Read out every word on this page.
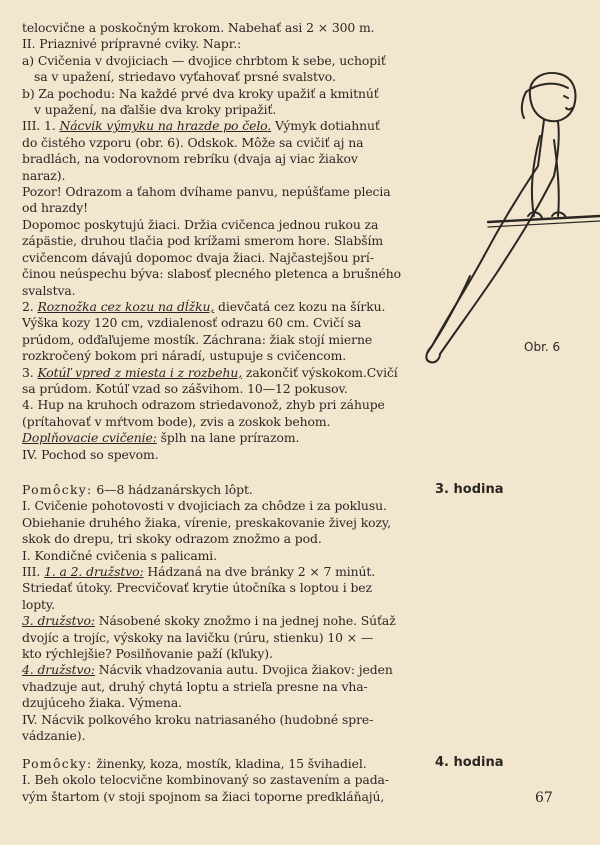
telocvične a poskočným krokom. Nabehať asi 2 × 300 m.

II. Priaznivé prípravné cviky. Napr.:

a) Cvičenia v dvojiciach — dvojice chrbtom k sebe, uchopiť

sa v upažení, striedavo vyťahovať prsné svalstvo.

b) Za pochodu: Na každé prvé dva kroky upažiť a kmitnúť

v upažení, na ďalšie dva kroky pripažiť.

III. 1. Nácvik výmyku na hrazde po čelo. Výmyk dotiahnuť

do čistého vzporu (obr. 6). Odskok. Môže sa cvičiť aj na

bradlách, na vodorovnom rebríku (dvaja aj viac žiakov

naraz).

Pozor! Odrazom a ťahom dvíhame panvu, nepúšťame plecia

od hrazdy!

Dopomoc poskytujú žiaci. Držia cvičenca jednou rukou za

zápästie, druhou tlačia pod krížami smerom hore. Slabším

cvičencom dávajú dopomoc dvaja žiaci. Najčastejšou prí-

činou neúspechu býva: slabosť plecného pletenca a brušného

svalstva.

2. Roznožka cez kozu na dĺžku, dievčatá cez kozu na šírku.

Výška kozy 120 cm, vzdialenosť odrazu 60 cm. Cvičí sa

prúdom, odďaľujeme mostík. Záchrana: žiak stojí mierne

rozkročený bokom pri náradí, ustupuje s cvičencom.

3. Kotúľ vpred z miesta i z rozbehu, zakončiť výskokom.Cvičí

sa prúdom. Kotúľ vzad so zášvihom. 10—12 pokusov.

4. Hup na kruhoch odrazom striedavonož, zhyb pri záhupe

(prítahovať v mŕtvom bode), zvis a zoskok behom.

Doplňovacie cvičenie: šplh na lane prírazom.

IV. Pochod so spevom.

Pomôcky: 6—8 hádzanárskych lôpt.

I. Cvičenie pohotovosti v dvojiciach za chôdze i za poklusu.

Obiehanie druhého žiaka, vírenie, preskakovanie živej kozy,

skok do drepu, tri skoky odrazom znožmo a pod.

I. Kondičné cvičenia s palicami.

III. 1. a 2. družstvo: Hádzaná na dve bránky 2 × 7 minút.

Striedať útoky. Precvičovať krytie útočníka s loptou i bez

lopty.

3. družstvo: Násobené skoky znožmo i na jednej nohe. Súťaž

dvojíc a trojíc, výskoky na lavičku (rúru, stienku) 10 × —

kto rýchlejšie? Posilňovanie paží (kľuky).

4. družstvo: Nácvik vhadzovania autu. Dvojica žiakov: jeden

vhadzuje aut, druhý chytá loptu a strieľa presne na vha-

dzujúceho žiaka. Výmena.

IV. Nácvik polkového kroku natriasaného (hudobné spre-

vádzanie).

Pomôcky: žinenky, koza, mostík, kladina, 15 švihadiel.

I. Beh okolo telocvične kombinovaný so zastavením a pada-

vým štartom (v stoji spojnom sa žiaci toporne predkláňajú,

3. hodina
4. hodina
Obr. 6
67
